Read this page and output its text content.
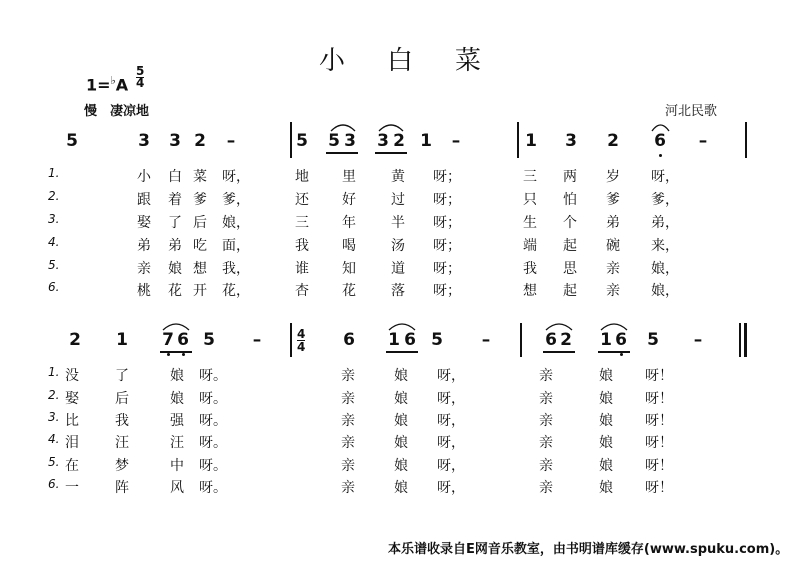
小白菜
1=♭A
5
4
慢　凄凉地	河北民歌
5	3 3 2 –	5 5 3 3 2 1 –	1 3 2 6 –
1.	小 白 菜 呀，	地 里	黄 呀；	三 两 岁 呀，
2.	跟 着 爹 爹，	还 好	过 呀；	只 怕 爹 爹，
3.	娶 了 后 娘，	三 年	半 呀；	生 个 弟 弟，
4.	弟 弟 吃 面，	我 喝	汤 呀；	端 起 碗 来，
5.	亲 娘 想 我，	谁 知	道 呀；	我 思 亲 娘，
6.	桃 花 开 花，	杏 花	落 呀；	想 起 亲 娘，
2 1 7 6 5 –	6 1 6 5 –	6 2 1 6 5 –
4
4
1. 没	了	娘 呀。	亲	娘 呀，	亲	娘 呀！
2. 娶	后	娘 呀。	亲	娘 呀，	亲	娘 呀！
3. 比	我	强 呀。	亲	娘 呀，	亲	娘 呀！
4. 泪	汪	汪 呀。	亲	娘 呀，	亲	娘 呀！
5. 在	梦	中 呀。	亲	娘 呀，	亲	娘 呀！
6. 一	阵	风 呀。	亲	娘 呀，	亲	娘 呀！
本乐谱收录自E网音乐教室，由书明谱库缓存(www.spuku.com)。
